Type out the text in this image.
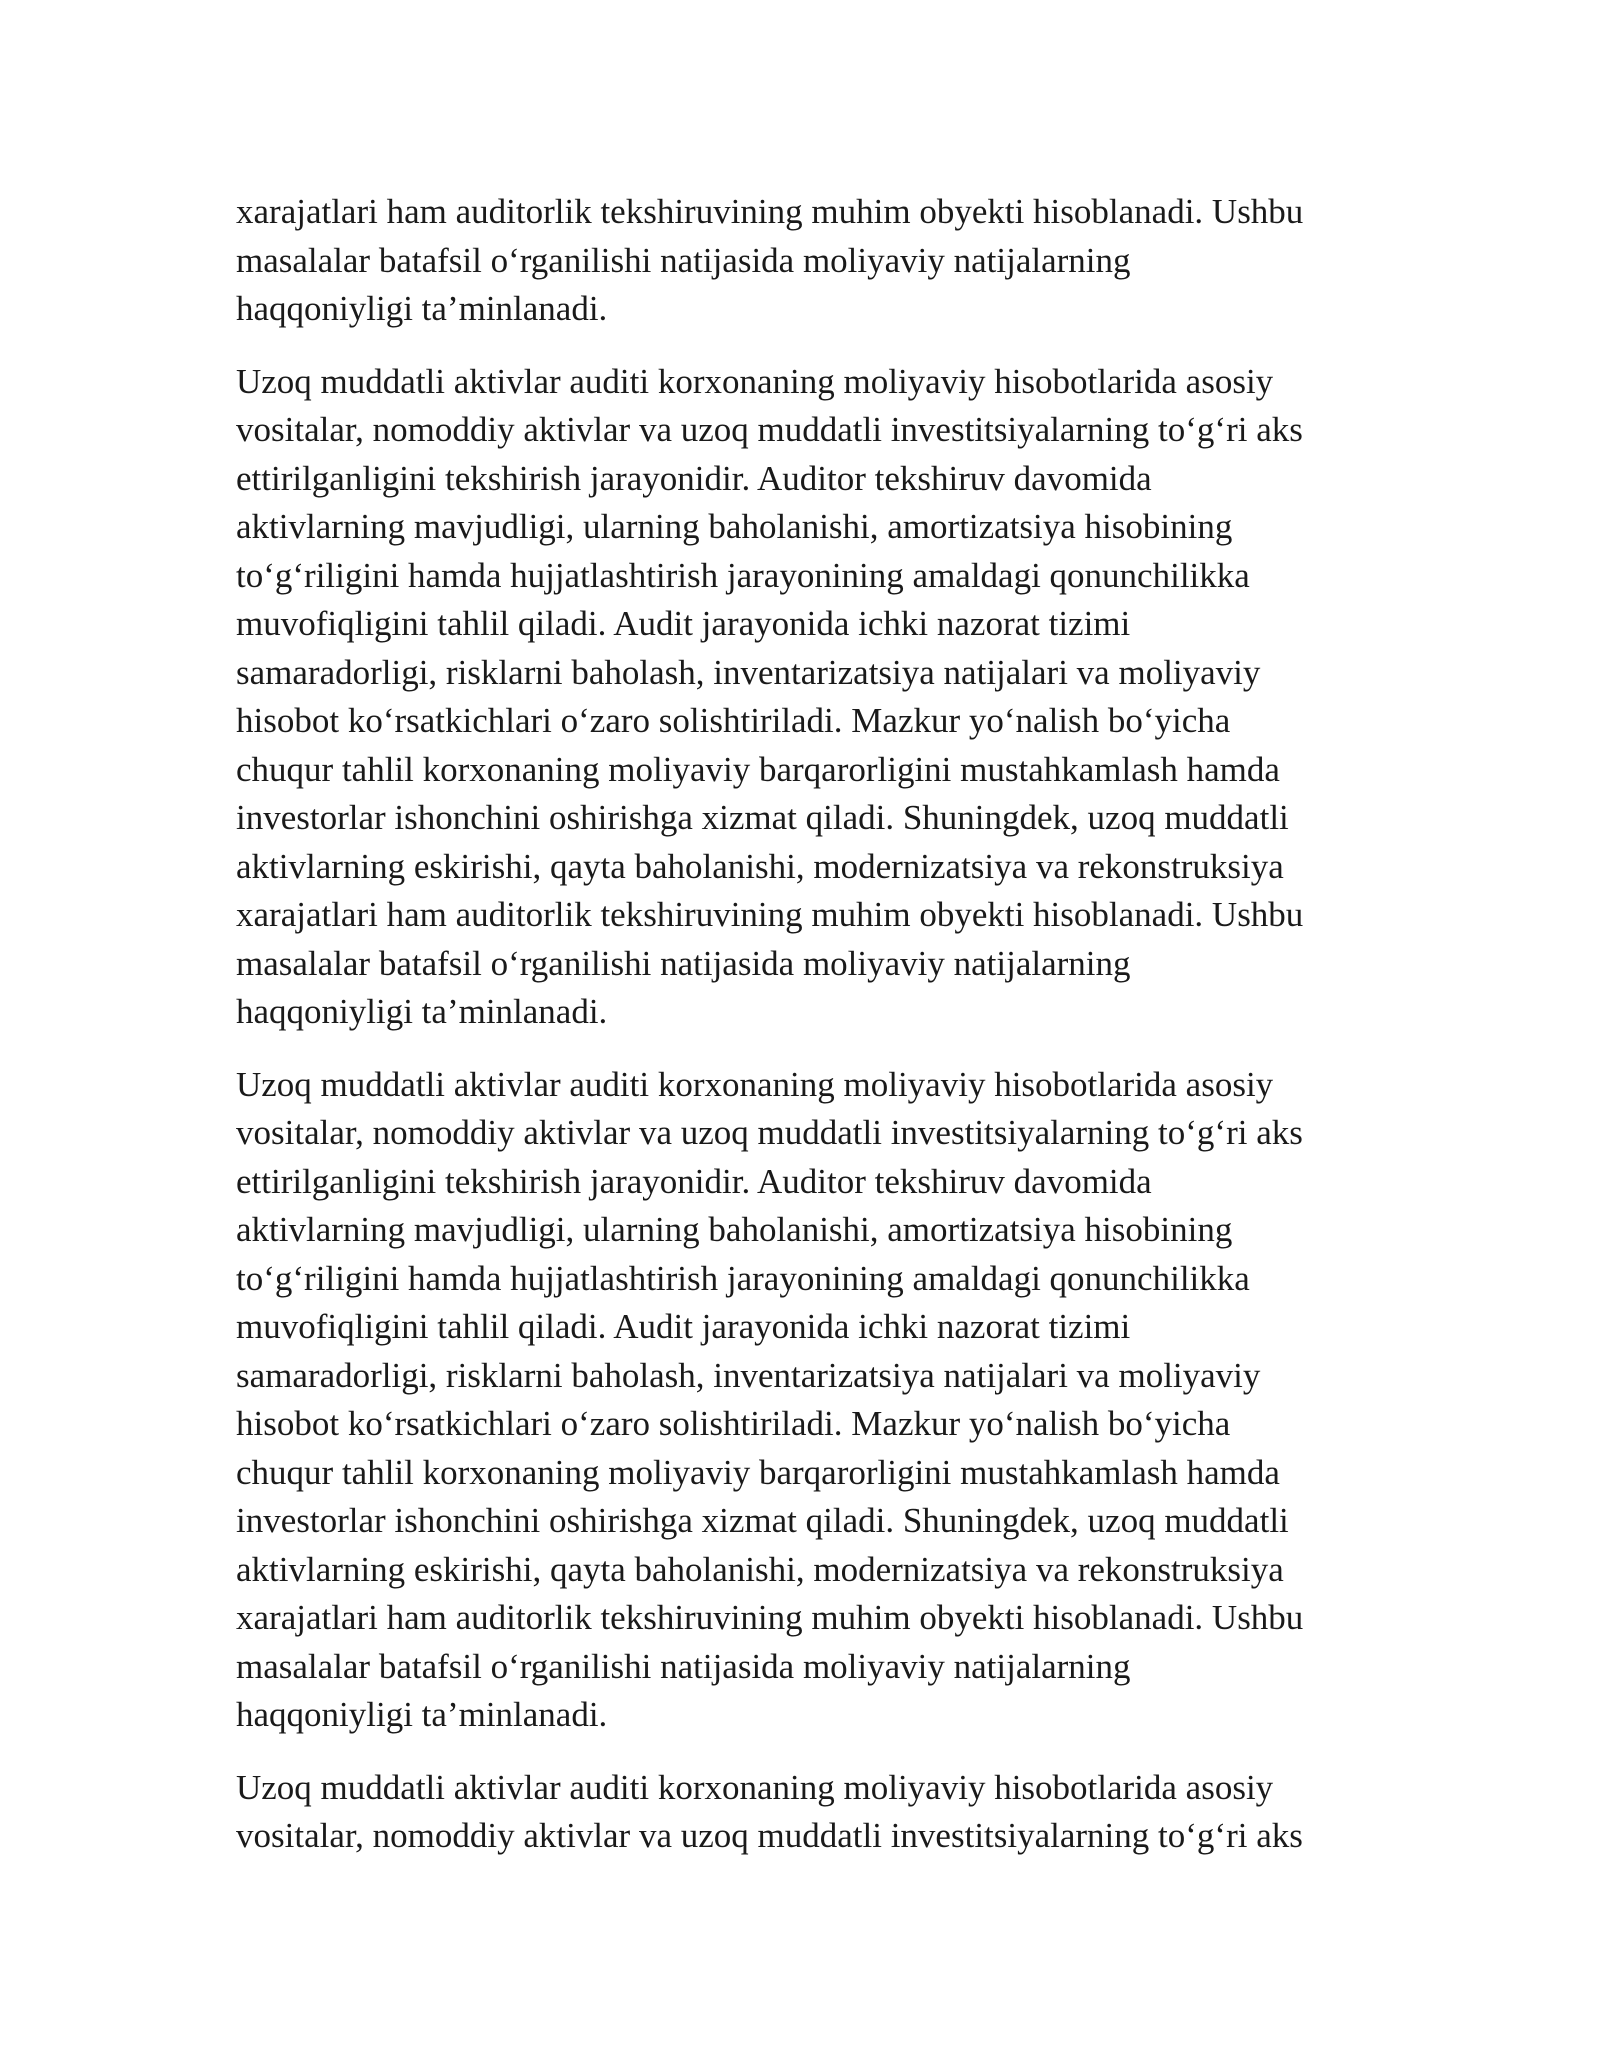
xarajatlari ham auditorlik tekshiruvining muhim obyekti hisoblanadi. Ushbu
masalalar batafsil o‘rganilishi natijasida moliyaviy natijalarning
haqqoniyligi ta’minlanadi.
Uzoq muddatli aktivlar auditi korxonaning moliyaviy hisobotlarida asosiy
vositalar, nomoddiy aktivlar va uzoq muddatli investitsiyalarning to‘g‘ri aks
ettirilganligini tekshirish jarayonidir. Auditor tekshiruv davomida
aktivlarning mavjudligi, ularning baholanishi, amortizatsiya hisobining
to‘g‘riligini hamda hujjatlashtirish jarayonining amaldagi qonunchilikka
muvofiqligini tahlil qiladi. Audit jarayonida ichki nazorat tizimi
samaradorligi, risklarni baholash, inventarizatsiya natijalari va moliyaviy
hisobot ko‘rsatkichlari o‘zaro solishtiriladi. Mazkur yo‘nalish bo‘yicha
chuqur tahlil korxonaning moliyaviy barqarorligini mustahkamlash hamda
investorlar ishonchini oshirishga xizmat qiladi. Shuningdek, uzoq muddatli
aktivlarning eskirishi, qayta baholanishi, modernizatsiya va rekonstruksiya
xarajatlari ham auditorlik tekshiruvining muhim obyekti hisoblanadi. Ushbu
masalalar batafsil o‘rganilishi natijasida moliyaviy natijalarning
haqqoniyligi ta’minlanadi.
Uzoq muddatli aktivlar auditi korxonaning moliyaviy hisobotlarida asosiy
vositalar, nomoddiy aktivlar va uzoq muddatli investitsiyalarning to‘g‘ri aks
ettirilganligini tekshirish jarayonidir. Auditor tekshiruv davomida
aktivlarning mavjudligi, ularning baholanishi, amortizatsiya hisobining
to‘g‘riligini hamda hujjatlashtirish jarayonining amaldagi qonunchilikka
muvofiqligini tahlil qiladi. Audit jarayonida ichki nazorat tizimi
samaradorligi, risklarni baholash, inventarizatsiya natijalari va moliyaviy
hisobot ko‘rsatkichlari o‘zaro solishtiriladi. Mazkur yo‘nalish bo‘yicha
chuqur tahlil korxonaning moliyaviy barqarorligini mustahkamlash hamda
investorlar ishonchini oshirishga xizmat qiladi. Shuningdek, uzoq muddatli
aktivlarning eskirishi, qayta baholanishi, modernizatsiya va rekonstruksiya
xarajatlari ham auditorlik tekshiruvining muhim obyekti hisoblanadi. Ushbu
masalalar batafsil o‘rganilishi natijasida moliyaviy natijalarning
haqqoniyligi ta’minlanadi.
Uzoq muddatli aktivlar auditi korxonaning moliyaviy hisobotlarida asosiy
vositalar, nomoddiy aktivlar va uzoq muddatli investitsiyalarning to‘g‘ri aks
